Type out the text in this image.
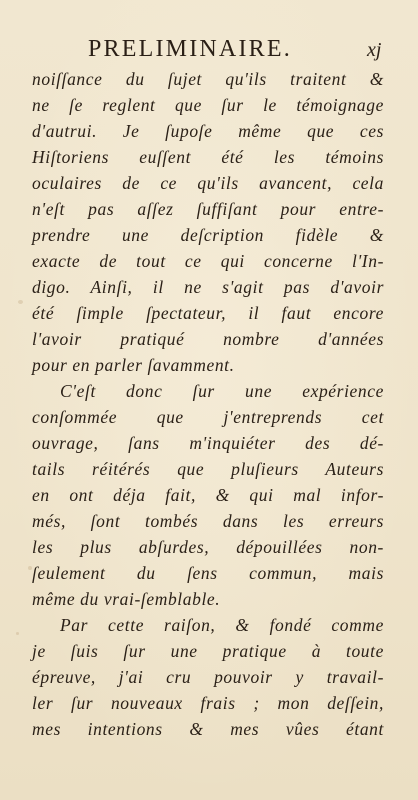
PRELIMINAIRE.	xj
noiſſance du ſujet qu'ils traitent &
ne ſe reglent que ſur le témoignage
d'autrui. Je ſupoſe même que ces
Hiſtoriens euſſent été les témoins
oculaires de ce qu'ils avancent, cela
n'eſt pas aſſez ſuffiſant pour entre-
prendre une deſcription fidèle &
exacte de tout ce qui concerne l'In-
digo. Ainſi, il ne s'agit pas d'avoir
été ſimple ſpectateur, il faut encore
l'avoir pratiqué nombre d'années
pour en parler ſavamment.
C'eſt donc ſur une expérience
conſommée que j'entreprends cet
ouvrage, ſans m'inquiéter des dé-
tails réitérés que pluſieurs Auteurs
en ont déja fait, & qui mal infor-
més, ſont tombés dans les erreurs
les plus abſurdes, dépouillées non-
ſeulement du ſens commun, mais
même du vrai-ſemblable.
Par cette raiſon, & fondé comme
je ſuis ſur une pratique à toute
épreuve, j'ai cru pouvoir y travail-
ler ſur nouveaux frais ; mon deſſein,
mes intentions & mes vûes étant
